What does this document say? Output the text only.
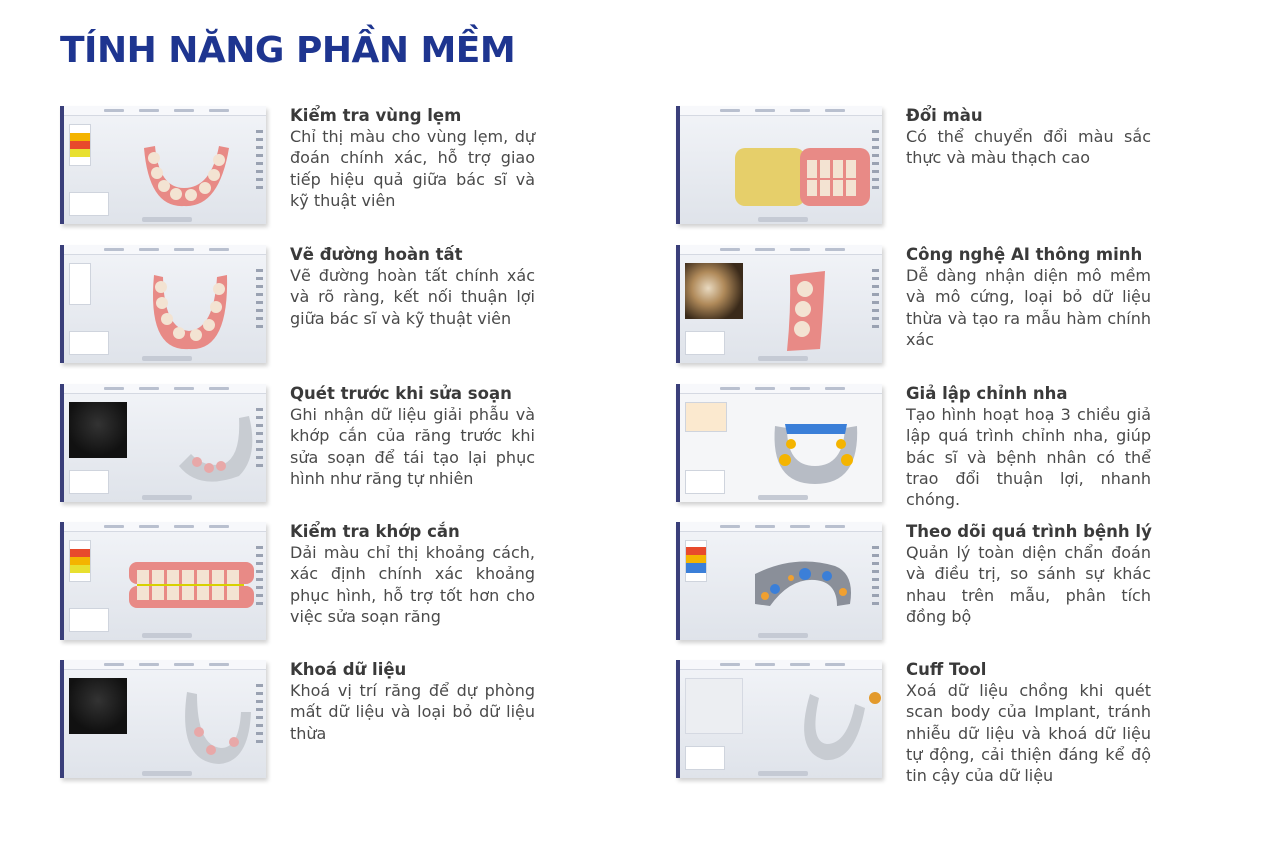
TÍNH NĂNG PHẦN MỀM
Kiểm tra vùng lẹm
Chỉ thị màu cho vùng lẹm, dự đoán chính xác, hỗ trợ giao tiếp hiệu quả giữa bác sĩ và kỹ thuật viên
Vẽ đường hoàn tất
Vẽ đường hoàn tất chính xác và rõ ràng, kết nối thuận lợi giữa bác sĩ và kỹ thuật viên
Quét trước khi sửa soạn
Ghi nhận dữ liệu giải phẫu và khớp cắn của răng trước khi sửa soạn để tái tạo lại phục hình như răng tự nhiên
Kiểm tra khớp cắn
Dải màu chỉ thị khoảng cách, xác định chính xác khoảng phục hình, hỗ trợ tốt hơn cho việc sửa soạn răng
Khoá dữ liệu
Khoá vị trí răng để dự phòng mất dữ liệu và loại bỏ dữ liệu thừa
Đổi màu
Có thể chuyển đổi màu sắc thực và màu thạch cao
Công nghệ AI thông minh
Dễ dàng nhận diện mô mềm và mô cứng, loại bỏ dữ liệu thừa và tạo ra mẫu hàm chính xác
Giả lập chỉnh nha
Tạo hình hoạt hoạ 3 chiều giả lập quá trình chỉnh nha, giúp bác sĩ và bệnh nhân có thể trao đổi thuận lợi, nhanh chóng.
Theo dõi quá trình bệnh lý
Quản lý toàn diện chẩn đoán và điều trị, so sánh sự khác nhau trên mẫu, phân tích đồng bộ
Cuff Tool
Xoá dữ liệu chồng khi quét scan body của Implant, tránh nhiễu dữ liệu và khoá dữ liệu tự động, cải thiện đáng kể độ tin cậy của dữ liệu
